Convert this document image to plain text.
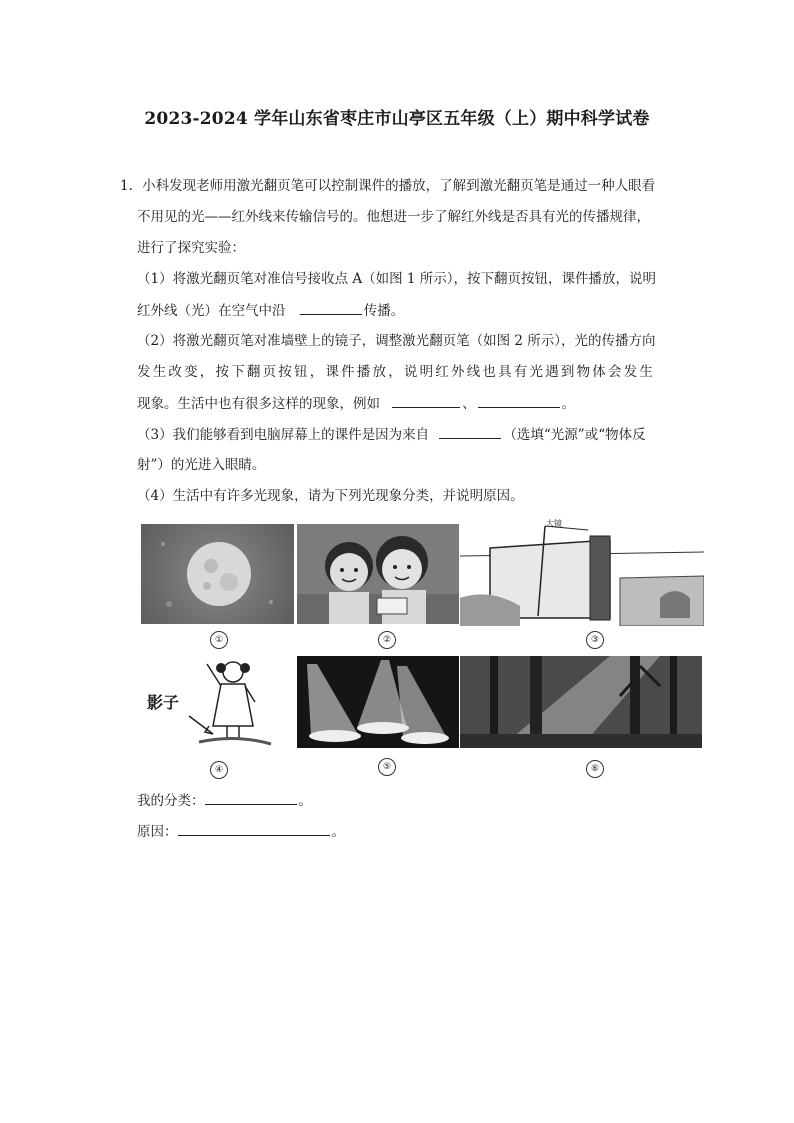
2023-2024 学年山东省枣庄市山亭区五年级（上）期中科学试卷
1．小科发现老师用激光翻页笔可以控制课件的播放，了解到激光翻页笔是通过一种人眼看
不用见的光——红外线来传输信号的。他想进一步了解红外线是否具有光的传播规律，
进行了探究实验：
（1）将激光翻页笔对准信号接收点 A（如图 1 所示），按下翻页按钮，课件播放，说明
红外线（光）在空气中沿	传播。
（2）将激光翻页笔对准墙壁上的镜子，调整激光翻页笔（如图 2 所示），光的传播方向
发生改变，按下翻页按钮，课件播放，说明红外线也具有光遇到物体会发生
现象。生活中也有很多这样的现象，例如	、	。
（3）我们能够看到电脑屏幕上的课件是因为来自	（选填“光源”或“物体反
射”）的光进入眼睛。
（4）生活中有许多光现象，请为下列光现象分类，并说明原因。
①	②
大镜
③
影子
④	⑤	⑥
我的分类：	。
原因：	。
